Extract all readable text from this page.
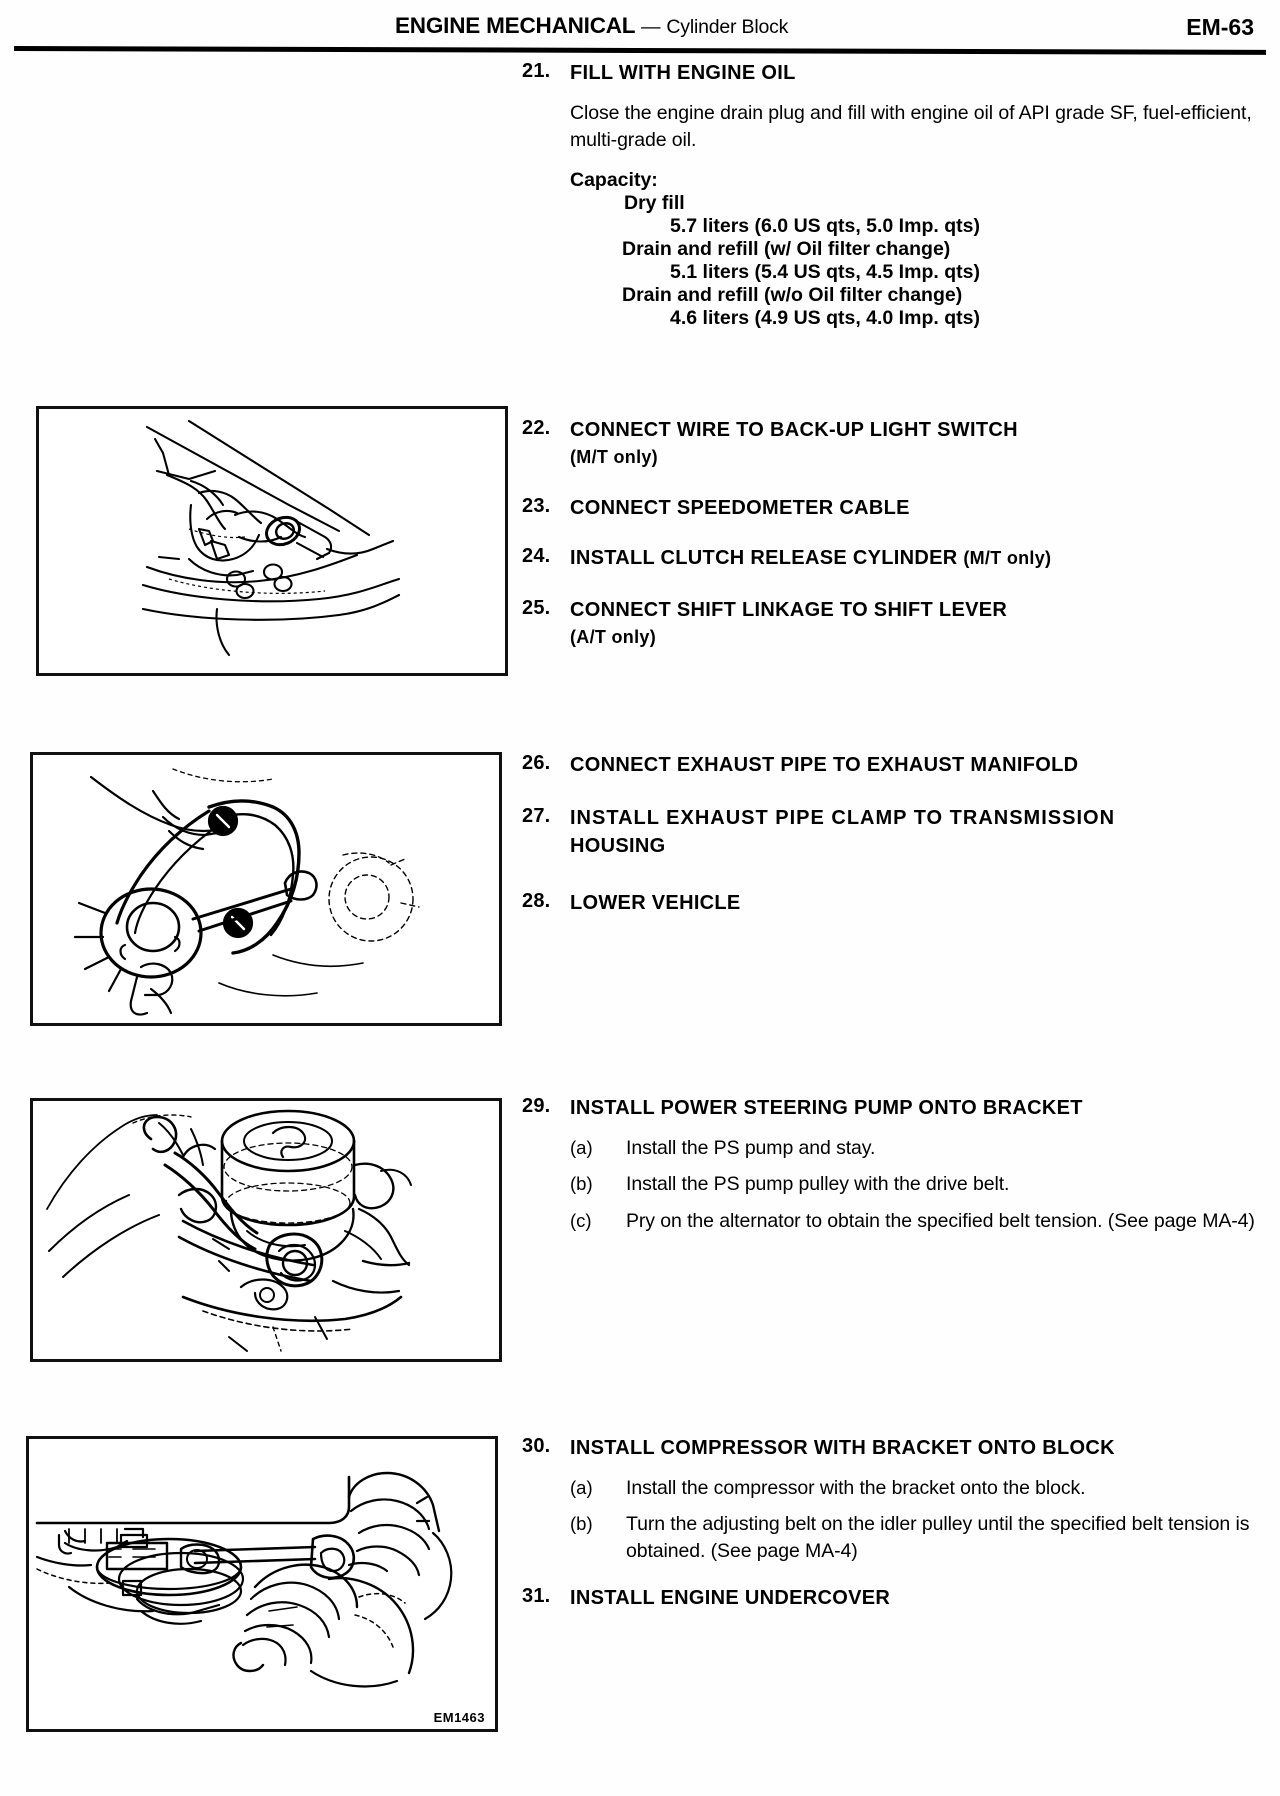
ENGINE MECHANICAL — Cylinder Block	EM-63
EM1463
21. FILL WITH ENGINE OIL
Close the engine drain plug and fill with engine oil of API grade SF, fuel-efficient, multi-grade oil.
Capacity:
Dry fill
5.7 liters (6.0 US qts, 5.0 Imp. qts)
Drain and refill (w/ Oil filter change)
5.1 liters (5.4 US qts, 4.5 Imp. qts)
Drain and refill (w/o Oil filter change)
4.6 liters (4.9 US qts, 4.0 Imp. qts)
22. CONNECT WIRE TO BACK-UP LIGHT SWITCH
(M/T only)
23. CONNECT SPEEDOMETER CABLE
24. INSTALL CLUTCH RELEASE CYLINDER (M/T only)
25. CONNECT SHIFT LINKAGE TO SHIFT LEVER
(A/T only)
26. CONNECT EXHAUST PIPE TO EXHAUST MANIFOLD
27. INSTALL EXHAUST PIPE CLAMP TO TRANSMISSION
HOUSING
28. LOWER VEHICLE
29. INSTALL POWER STEERING PUMP ONTO BRACKET
(a)	Install the PS pump and stay.
(b)	Install the PS pump pulley with the drive belt.
(c)	Pry on the alternator to obtain the specified belt tension. (See page MA-4)
30. INSTALL COMPRESSOR WITH BRACKET ONTO BLOCK
(a)	Install the compressor with the bracket onto the block.
(b)	Turn the adjusting belt on the idler pulley until the specified belt tension is obtained. (See page MA-4)
31. INSTALL ENGINE UNDERCOVER
